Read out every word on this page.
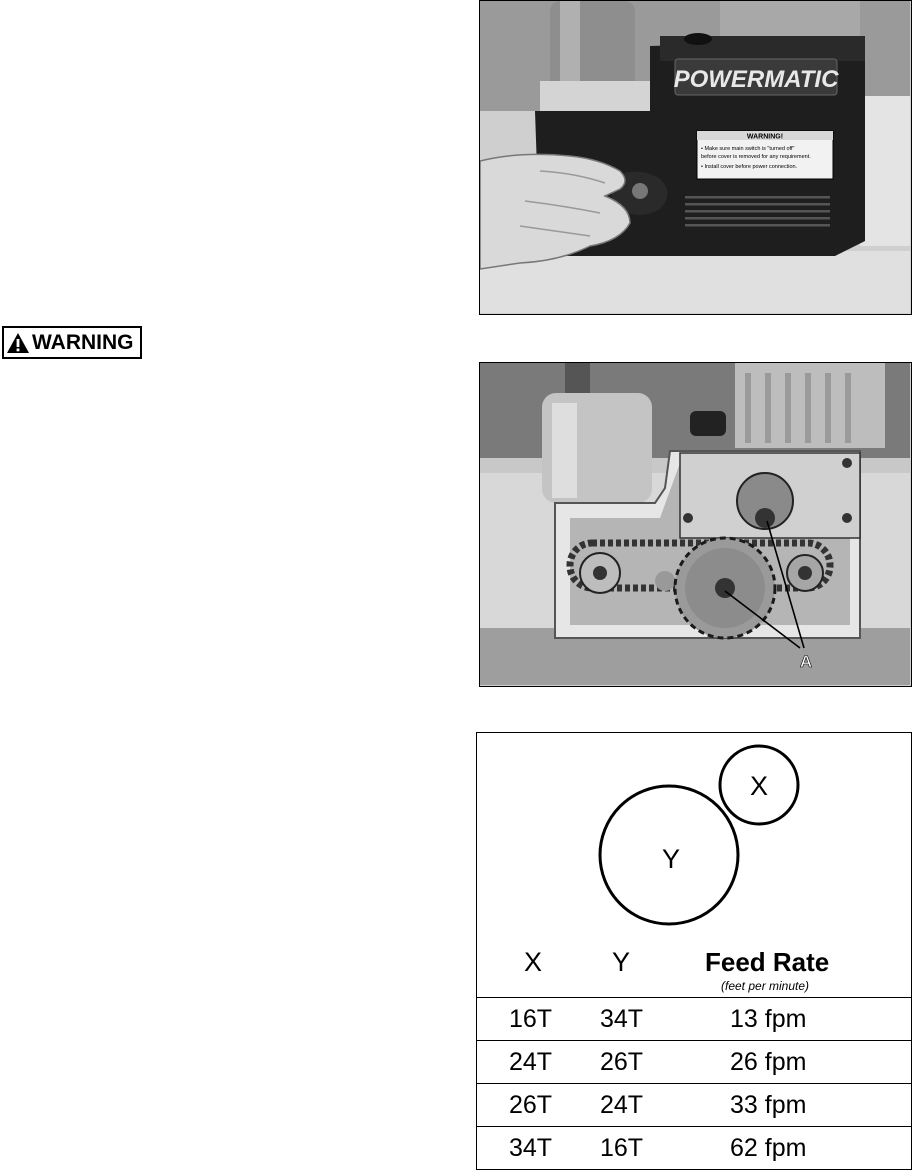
WARNING
POWERMATIC
WARNING!
• Make sure main switch is "turned off"
before cover is removed for any requirement.
• Install cover before power connection.
A
X
Y
X	Y	Feed Rate
(feet per minute)
16T 34T	13 fpm
24T 26T	26 fpm
26T 24T	33 fpm
34T 16T	62 fpm
